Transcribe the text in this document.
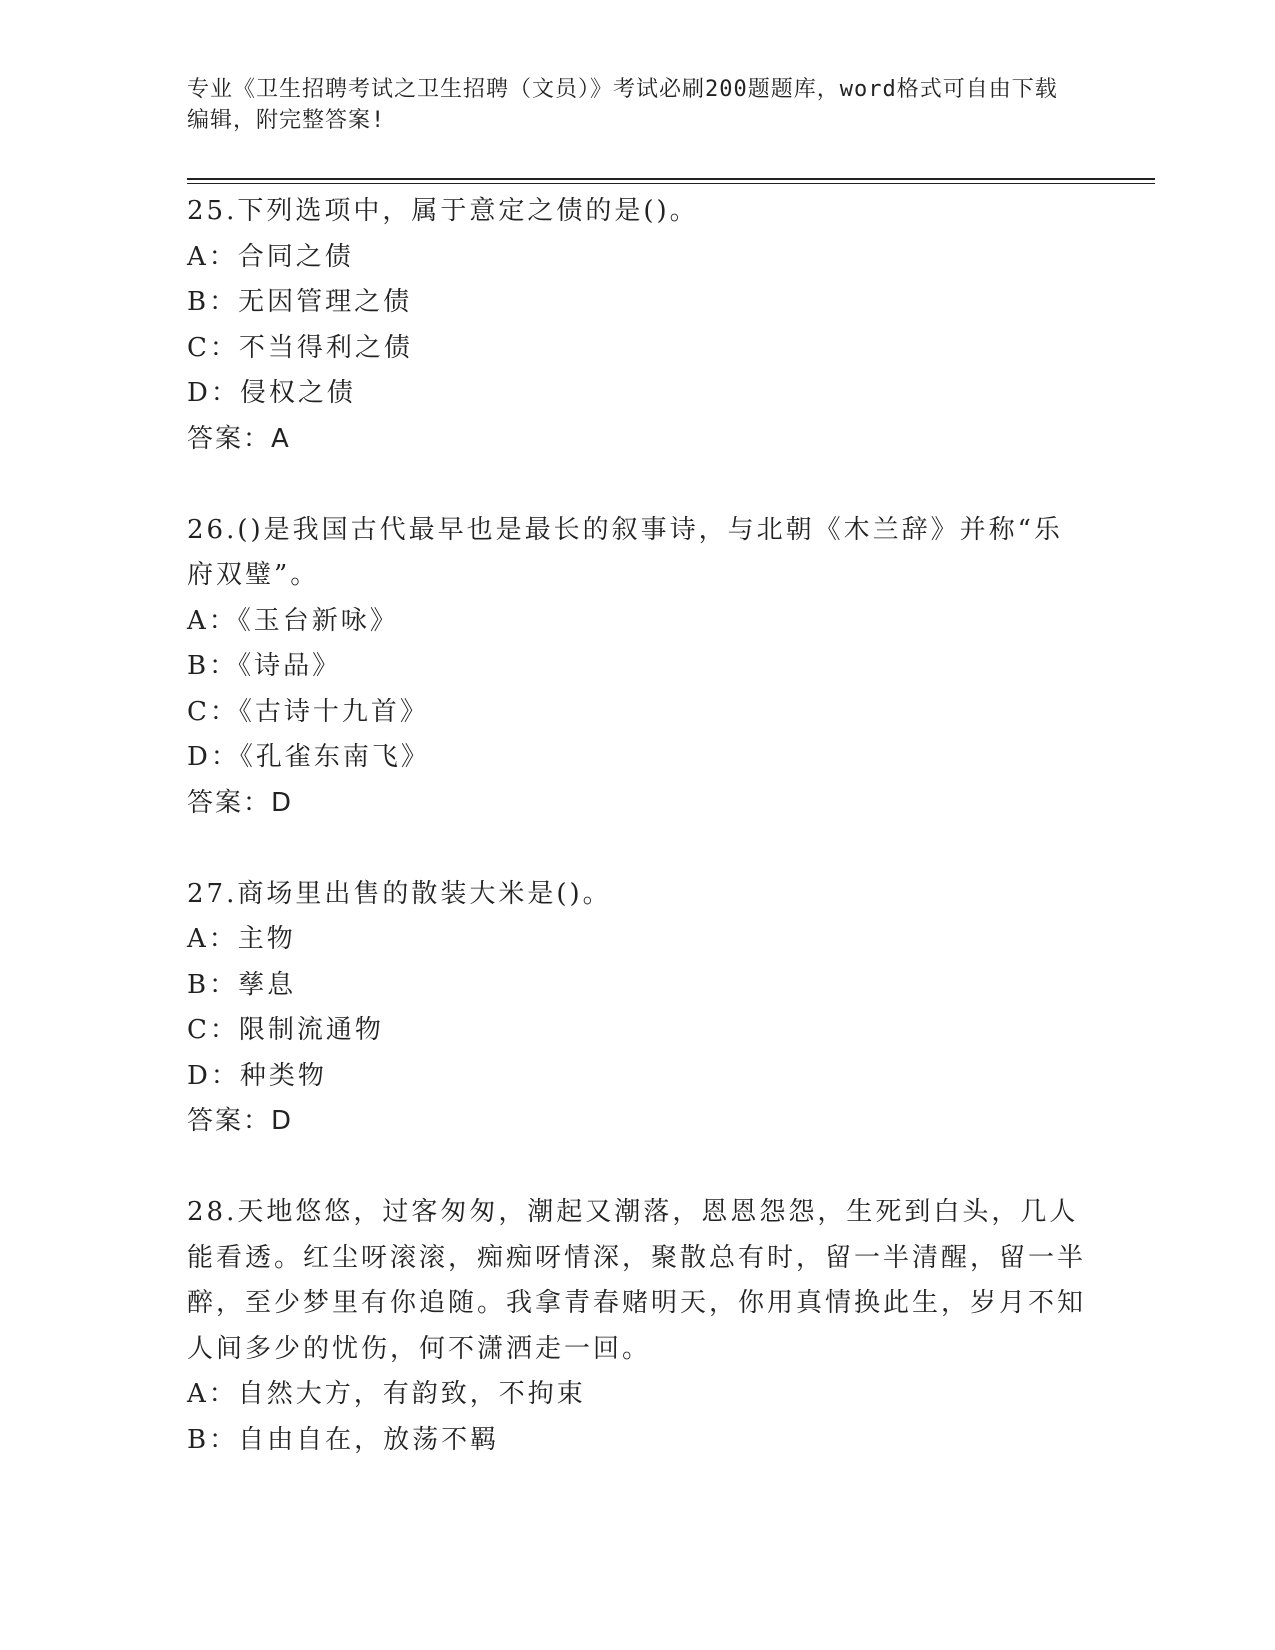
专业《卫生招聘考试之卫生招聘（文员）》考试必刷200题题库，word格式可自由下载编辑，附完整答案!
25.下列选项中，属于意定之债的是()。
A：合同之债
B：无因管理之债
C：不当得利之债
D：侵权之债
答案：A
26.()是我国古代最早也是最长的叙事诗，与北朝《木兰辞》并称“乐府双璧”。
A：《玉台新咏》
B：《诗品》
C：《古诗十九首》
D：《孔雀东南飞》
答案：D
27.商场里出售的散装大米是()。
A：主物
B：孳息
C：限制流通物
D：种类物
答案：D
28.天地悠悠，过客匆匆，潮起又潮落，恩恩怨怨，生死到白头，几人能看透。红尘呀滚滚，痴痴呀情深，聚散总有时，留一半清醒，留一半醉，至少梦里有你追随。我拿青春赌明天，你用真情换此生，岁月不知人间多少的忧伤，何不潇洒走一回。
A：自然大方，有韵致，不拘束
B：自由自在，放荡不羁
